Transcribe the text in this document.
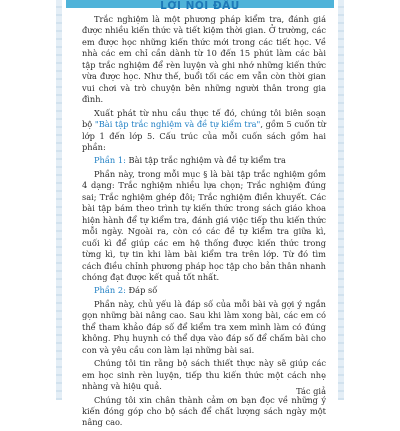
LỜI NÓI ĐẦU

Trắc nghiệm là một phương pháp kiểm tra, đánh giá được nhiều kiến thức và tiết kiệm thời gian. Ở trường, các em được học những kiến thức mới trong các tiết học. Về nhà các em chỉ cần dành từ 10 đến 15 phút làm các bài tập trắc nghiệm để rèn luyện và ghi nhớ những kiến thức vừa được học. Như thế, buổi tối các em vẫn còn thời gian vui chơi và trò chuyện bên những người thân trong gia đình.

Xuất phát từ nhu cầu thực tế đó, chúng tôi biên soạn bộ "Bài tập trắc nghiệm và đề tự kiểm tra", gồm 5 cuốn từ lớp 1 đến lớp 5. Cấu trúc của mỗi cuốn sách gồm hai phần:

Phần 1: Bài tập trắc nghiệm và đề tự kiểm tra

Phần này, trong mỗi mục § là bài tập trắc nghiệm gồm 4 dạng: Trắc nghiệm nhiều lựa chọn; Trắc nghiệm đúng sai; Trắc nghiệm ghép đôi; Trắc nghiệm điền khuyết. Các bài tập bám theo trình tự kiến thức trong sách giáo khoa hiện hành để tự kiểm tra, đánh giá việc tiếp thu kiến thức mỗi ngày. Ngoài ra, còn có các đề tự kiểm tra giữa kì, cuối kì để giúp các em hệ thống được kiến thức trong từng kì, tự tin khi làm bài kiểm tra trên lớp. Từ đó tìm cách điều chỉnh phương pháp học tập cho bản thân nhanh chóng đạt được kết quả tốt nhất.

Phần 2: Đáp số

Phần này, chủ yếu là đáp số của mỗi bài và gợi ý ngắn gọn những bài nâng cao. Sau khi làm xong bài, các em có thể tham khảo đáp số để kiểm tra xem mình làm có đúng không. Phụ huynh có thể dựa vào đáp số để chấm bài cho con và yêu cầu con làm lại những bài sai.

Chúng tôi tin rằng bộ sách thiết thực này sẽ giúp các em học sinh rèn luyện, tiếp thu kiến thức một cách nhẹ nhàng và hiệu quả.

Chúng tôi xin chân thành cảm ơn bạn đọc về những ý kiến đóng góp cho bộ sách để chất lượng sách ngày một nâng cao.

Tác giả
